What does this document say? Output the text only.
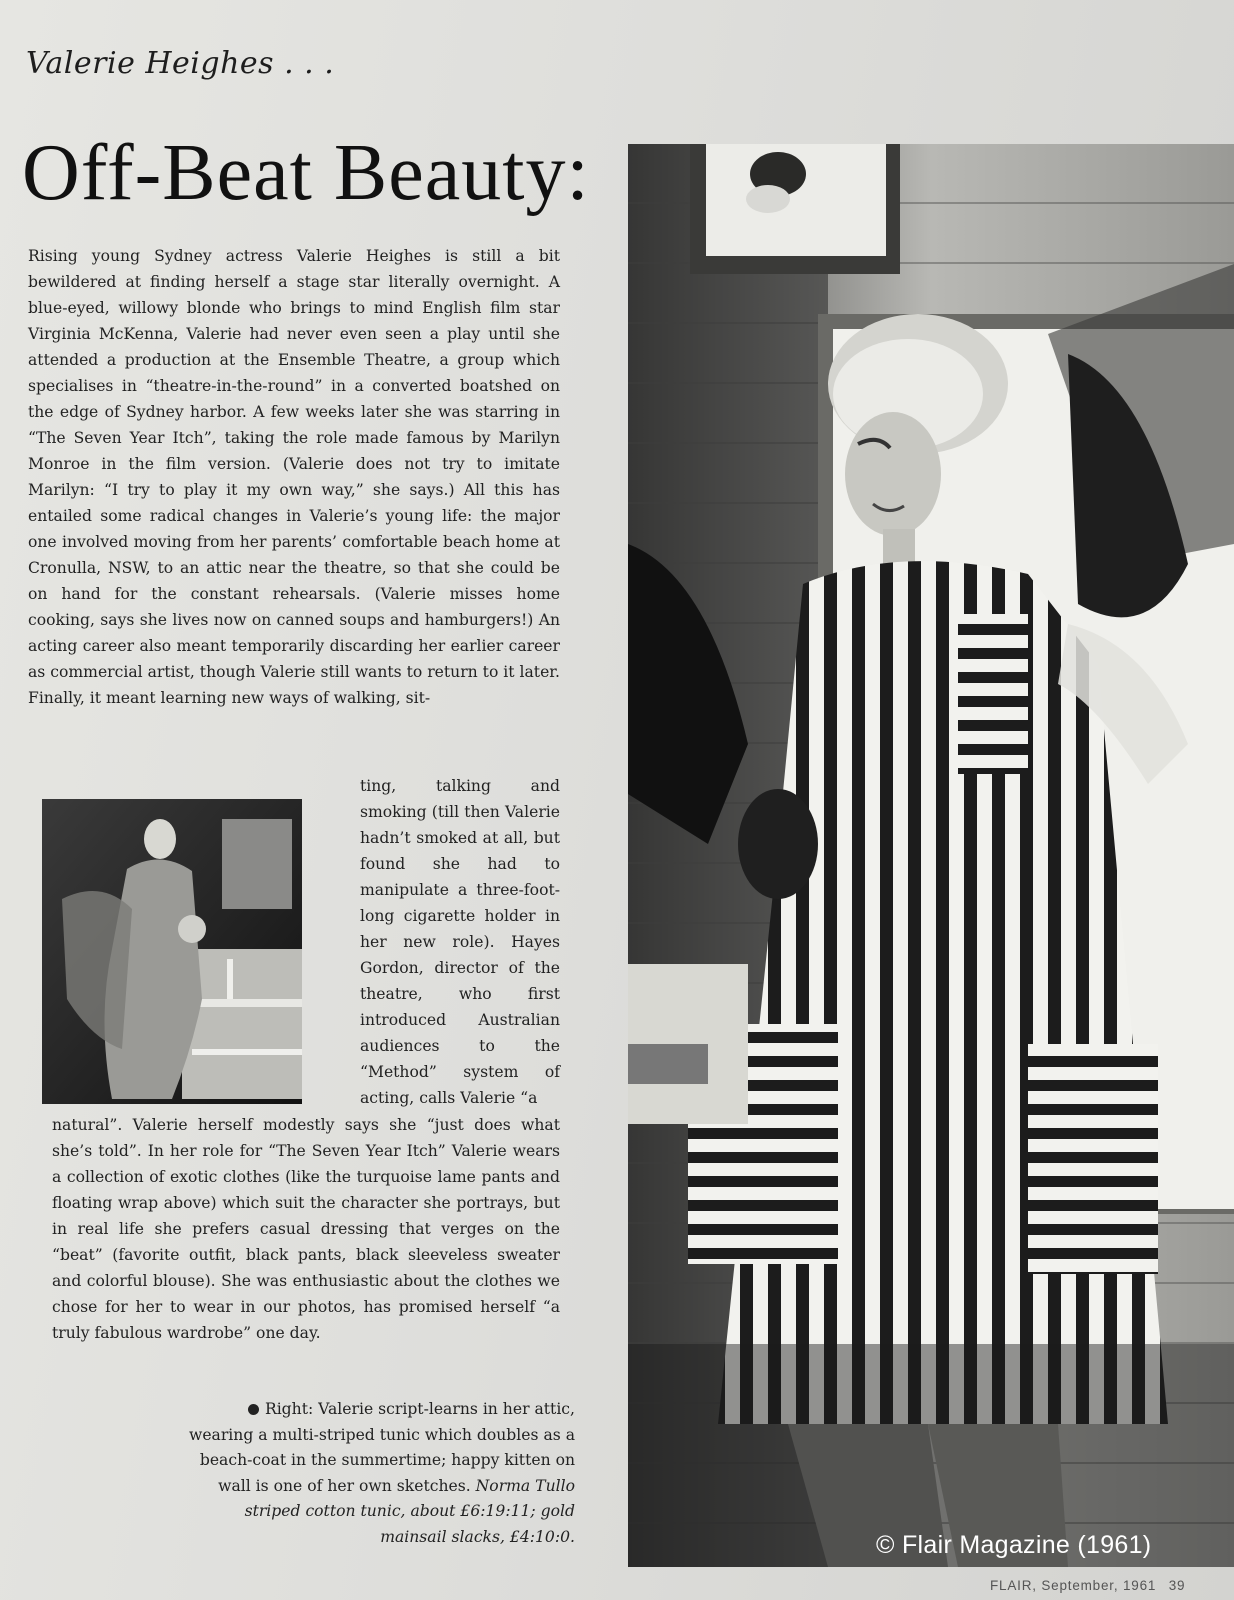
Valerie Heighes . . .
Off-Beat Beauty:

Rising young Sydney actress Valerie Heighes is still a bit bewildered at finding herself a stage star literally overnight. A blue-eyed, willowy blonde who brings to mind English film star Virginia McKenna, Valerie had never even seen a play until she attended a production at the Ensemble Theatre, a group which specialises in “theatre-in-the-round” in a converted boatshed on the edge of Sydney harbor. A few weeks later she was starring in “The Seven Year Itch”, taking the role made famous by Marilyn Monroe in the film version. (Valerie does not try to imitate Marilyn: “I try to play it my own way,” she says.) All this has entailed some radical changes in Valerie’s young life: the major one involved moving from her parents’ comfortable beach home at Cronulla, NSW, to an attic near the theatre, so that she could be on hand for the constant rehearsals. (Valerie misses home cooking, says she lives now on canned soups and hamburgers!) An acting career also meant temporarily discarding her earlier career as commercial artist, though Valerie still wants to return to it later. Finally, it meant learning new ways of walking, sit-

ting, talking and smoking (till then Valerie hadn’t smoked at all, but found she had to manipulate a three-foot-long cigarette holder in her new role). Hayes Gordon, director of the theatre, who first introduced Australian audiences to the “Method” system of acting, calls Valerie “a

natural”. Valerie herself modestly says she “just does what she’s told”. In her role for “The Seven Year Itch” Valerie wears a collection of exotic clothes (like the turquoise lame pants and floating wrap above) which suit the character she portrays, but in real life she prefers casual dressing that verges on the “beat” (favorite outfit, black pants, black sleeveless sweater and colorful blouse). She was enthusiastic about the clothes we chose for her to wear in our photos, has promised herself “a truly fabulous wardrobe” one day.

Right: Valerie script-learns in her attic, wearing a multi-striped tunic which doubles as a beach-coat in the summertime; happy kitten on wall is one of her own sketches. Norma Tullo striped cotton tunic, about £6:19:11; gold mainsail slacks, £4:10:0.	© Flair Magazine (1961)
FLAIR, September, 1961 39
